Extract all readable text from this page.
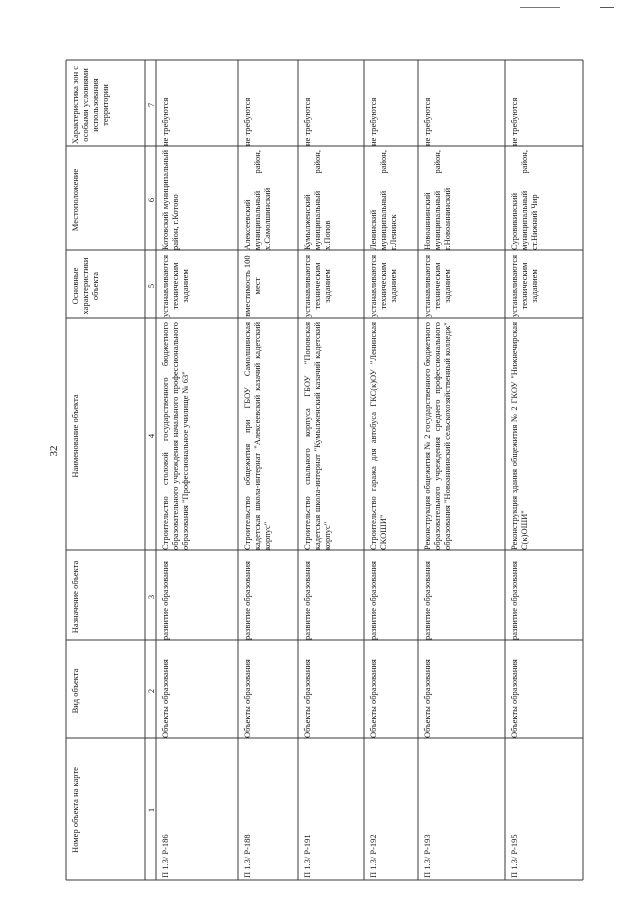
32
Характеристика зон с особыми условиями использования территории
Местоположение
Основные характеристики объекта
Наименование объекта
Назначение объекта
Вид объекта
Номер объекта на карте
7
6
5
4
3
2
1
не требуются
Котовский муниципальный район, г.Котово
устанавливаются техническим заданием
Строительство столовой государственного бюджетного образовательного учреждения начального профессионального образования "Профессиональное училище № 63"
развитие образования
Объекты образования
П 1.3/ Р-186
не требуются
Алексеевский муниципальный район, х.Самолшинский
вместимость 100 мест
Строительство общежития при ГБОУ Самолшинская кадетская школа-интернат "Алексеевский казачий кадетский корпус"
развитие образования
Объекты образования
П 1.3/ Р-188
не требуются
Кумылженский муниципальный район, х.Попов
устанавливаются техническим заданием
Строительство спального корпуса ГБОУ "Поповская кадетская школа-интернат "Кумылженский казачий кадетский корпус"
развитие образования
Объекты образования
П 1.3/ Р-191
не требуются
Ленинский муниципальный район, г.Ленинск
устанавливаются техническим заданием
Строительство гаража для автобуса ГКС(к)ОУ "Ленинская СКОШИ"
развитие образования
Объекты образования
П 1.3/ Р-192
не требуются
Новоаннинский муниципальный район, г.Новоаннинский
устанавливаются техническим заданием
Реконструкция общежития № 2 государственного бюджетного образовательного учреждения среднего профессионального образования "Новоаннинский сельскохозяйственный колледж"
развитие образования
Объекты образования
П 1.3/ Р-193
не требуются
Суровикинский муниципальный район, ст.Нижний Чир
устанавливаются техническим заданием
Реконструкция здания общежития № 2 ГКОУ "Нижнечирская С(к)ОШИ"
развитие образования
Объекты образования
П 1.3/ Р-195
